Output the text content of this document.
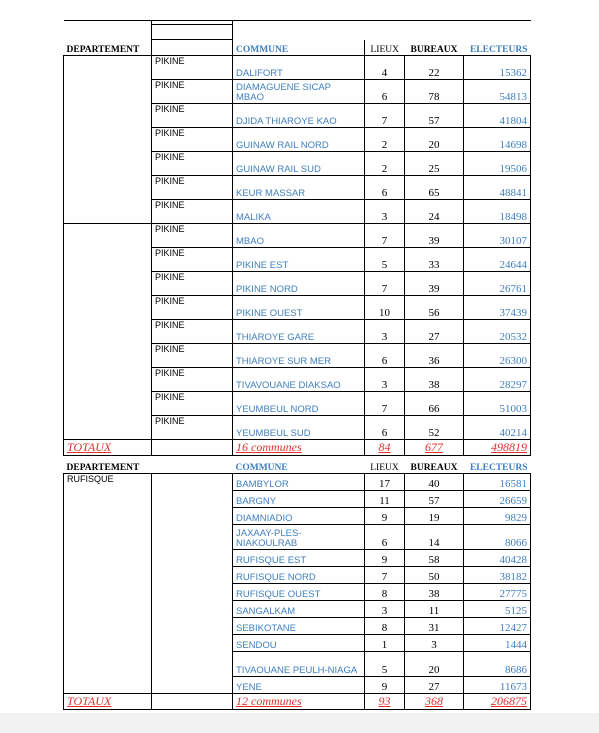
DEPARTEMENT		COMMUNE	LIEUX	BUREAUX	ELECTEURS
	PIKINE	DALIFORT	4	22	15362
	PIKINE	DIAMAGUENE SICAP MBAO	6	78	54813
	PIKINE	DJIDA THIAROYE KAO	7	57	41804
	PIKINE	GUINAW RAIL NORD	2	20	14698
	PIKINE	GUINAW RAIL SUD	2	25	19506
	PIKINE	KEUR MASSAR	6	65	48841
	PIKINE	MALIKA	3	24	18498
	PIKINE	MBAO	7	39	30107
	PIKINE	PIKINE EST	5	33	24644
	PIKINE	PIKINE NORD	7	39	26761
	PIKINE	PIKINE OUEST	10	56	37439
	PIKINE	THIAROYE GARE	3	27	20532
	PIKINE	THIAROYE SUR MER	6	36	26300
	PIKINE	TIVAVOUANE DIAKSAO	3	38	28297
	PIKINE	YEUMBEUL NORD	7	66	51003
	PIKINE	YEUMBEUL SUD	6	52	40214
TOTAUX		16 communes	84	677	498819
DEPARTEMENT		COMMUNE	LIEUX	BUREAUX	ELECTEURS
RUFISQUE		BAMBYLOR	17	40	16581
		BARGNY	11	57	26659
		DIAMNIADIO	9	19	9829
		JAXAAY-PLES-NIAKOULRAB	6	14	8066
		RUFISQUE EST	9	58	40428
		RUFISQUE NORD	7	50	38182
		RUFISQUE OUEST	8	38	27775
		SANGALKAM	3	11	5125
		SEBIKOTANE	8	31	12427
		SENDOU	1	3	1444
		TIVAOUANE PEULH-NIAGA	5	20	8686
		YENE	9	27	11673
TOTAUX		12 communes	93	368	206875
